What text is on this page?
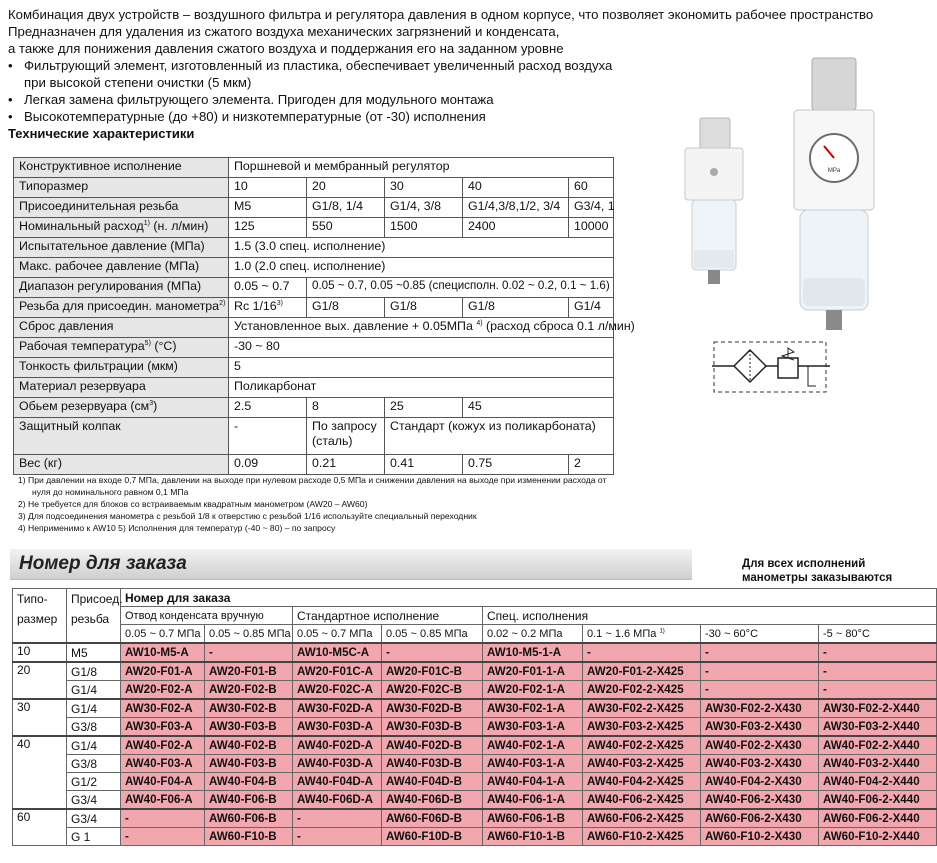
Комбинация двух устройств – воздушного фильтра и регулятора давления в одном корпусе, что позволяет экономить рабочее пространство

Предназначен для удаления из сжатого воздуха механических загрязнений и конденсата,

а также для понижения давления сжатого воздуха и поддержания его на заданном уровне

• Фильтрующий элемент, изготовленный из пластика, обеспечивает увеличенный расход воздуха
при высокой степени очистки (5 мкм)
• Легкая замена фильтрующего элемента. Пригоден для модульного монтажа
• Высокотемпературные (до +80) и низкотемпературные (от -30) исполнения

Технические характеристики

Конструктивное исполнение	Поршневой и мембранный регулятор				
Типоразмер	10	20	30	40	60
Присоединительная резьба	M5	G1/8, 1/4	G1/4, 3/8	G1/4,3/8,1/2, 3/4	G3/4, 1
Номинальный расход$^{1)}$ (н. л/мин)	125	550	1500	2400	10000
Испытательное давление (МПа)	1.5 (3.0 спец. исполнение)				
Макс. рабочее давление (МПа)	1.0 (2.0 спец. исполнение)				
Диапазон регулирования (МПа)	0.05 ~ 0.7	0.05 ~ 0.7, 0.05 ~0.85 (специсполн. 0.02 ~ 0.2, 0.1 ~ 1.6)			
Резьба для присоедин. манометра$^{2)}$	Rc 1/16$^{3)}$	G1/8	G1/8	G1/8	G1/4
Сброс давления	Установленное вых. давление + 0.05МПа $^{4)}$ (расход сброса 0.1 л/мин)				
Рабочая температура$^{5)}$ (°C)	-30 ~ 80				
Тонкость фильтрации (мкм)	5				
Материал резервуара	Поликарбонат				
Обьем резервуара $(см^3)$	2.5	8	25	45	
Защитный колпак	-	По запросу (сталь)	Стандарт (кожух из поликарбоната)		
Вес (кг)	0.09	0.21	0.41	0.75	2

1) При давлении на входе 0,7 МПа, давлении на выходе при нулевом расходе 0,5 МПа и снижении давления на выходе при изменении расхода от

нуля до номинального равном 0,1 МПа

2) Не требуется для блоков со встраиваемым квадратным манометром (AW20 – AW60)

3) Для подсоединения манометра с резьбой 1/8 к отверстию с резьбой 1/16 используйте специальный переходник

4) Неприменимо к AW10 5) Исполнения для температур (-40 ~ 80) – по запросу

MPa
Номер для заказа	Для всех исполнений манометры заказываются
Типо-размер	Присоед. резьба	Номер для заказа							
		Отвод конденсата вручную		Стандартное исполнение		Спец. исполнения			
		0.05 ~ 0.7 МПа	0.05 ~ 0.85 МПа	0.05 ~ 0.7 МПа	0.05 ~ 0.85 МПа	0.02 ~ 0.2 МПа	0.1 ~ 1.6 МПа $^{1)}$	-30 ~ 60°C	-5 ~ 80°C
10	M5	AW10-M5-A	-	AW10-M5C-A	-	AW10-M5-1-A	-	-	-
20	G1/8	AW20-F01-A	AW20-F01-B	AW20-F01C-A	AW20-F01C-B	AW20-F01-1-A	AW20-F01-2-X425	-	-
	G1/4	AW20-F02-A	AW20-F02-B	AW20-F02C-A	AW20-F02C-B	AW20-F02-1-A	AW20-F02-2-X425	-	-
30	G1/4	AW30-F02-A	AW30-F02-B	AW30-F02D-A	AW30-F02D-B	AW30-F02-1-A	AW30-F02-2-X425	AW30-F02-2-X430	AW30-F02-2-X440
	G3/8	AW30-F03-A	AW30-F03-B	AW30-F03D-A	AW30-F03D-B	AW30-F03-1-A	AW30-F03-2-X425	AW30-F03-2-X430	AW30-F03-2-X440
40	G1/4	AW40-F02-A	AW40-F02-B	AW40-F02D-A	AW40-F02D-B	AW40-F02-1-A	AW40-F02-2-X425	AW40-F02-2-X430	AW40-F02-2-X440
	G3/8	AW40-F03-A	AW40-F03-B	AW40-F03D-A	AW40-F03D-B	AW40-F03-1-A	AW40-F03-2-X425	AW40-F03-2-X430	AW40-F03-2-X440
	G1/2	AW40-F04-A	AW40-F04-B	AW40-F04D-A	AW40-F04D-B	AW40-F04-1-A	AW40-F04-2-X425	AW40-F04-2-X430	AW40-F04-2-X440
	G3/4	AW40-F06-A	AW40-F06-B	AW40-F06D-A	AW40-F06D-B	AW40-F06-1-A	AW40-F06-2-X425	AW40-F06-2-X430	AW40-F06-2-X440
60	G3/4	-	AW60-F06-B	-	AW60-F06D-B	AW60-F06-1-B	AW60-F06-2-X425	AW60-F06-2-X430	AW60-F06-2-X440
	G 1	-	AW60-F10-B	-	AW60-F10D-B	AW60-F10-1-B	AW60-F10-2-X425	AW60-F10-2-X430	AW60-F10-2-X440
